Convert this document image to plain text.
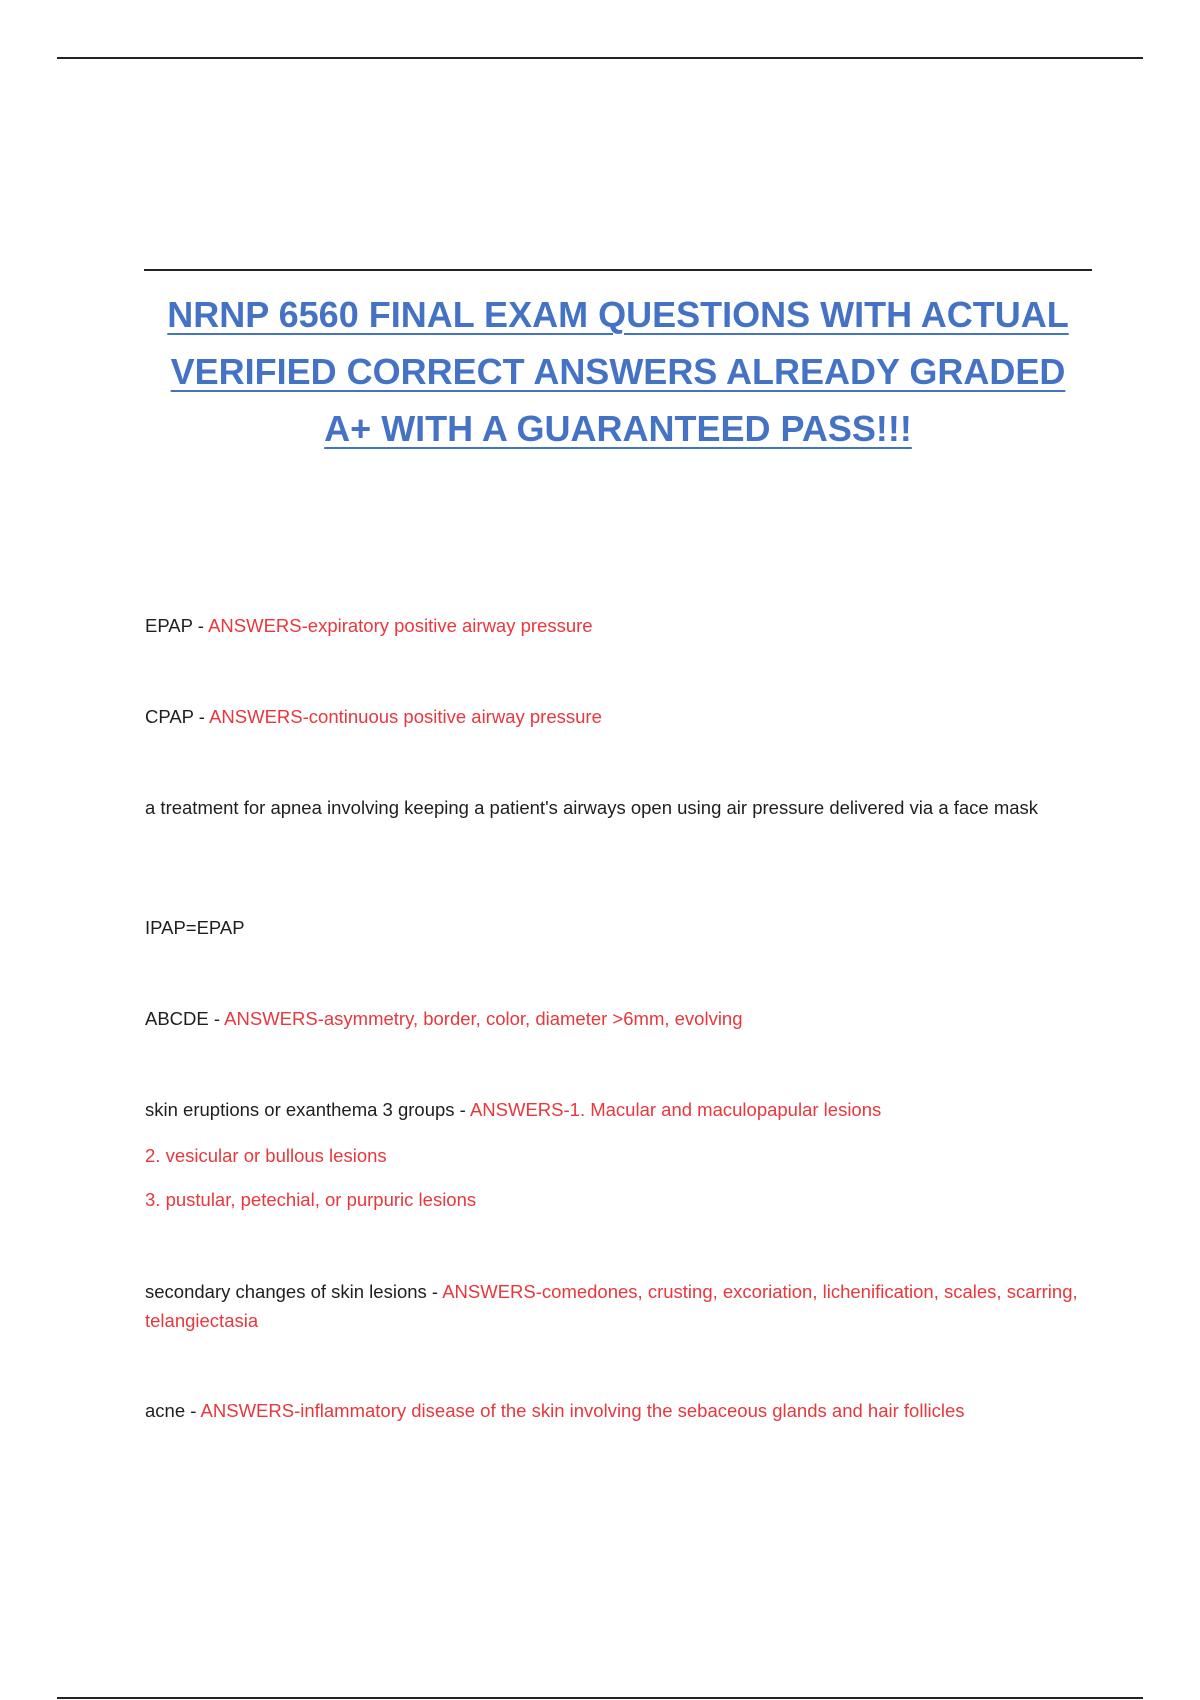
NRNP 6560 FINAL EXAM QUESTIONS WITH ACTUAL
VERIFIED CORRECT ANSWERS ALREADY GRADED
A+ WITH A GUARANTEED PASS!!!
EPAP - ANSWERS-expiratory positive airway pressure
CPAP - ANSWERS-continuous positive airway pressure
a treatment for apnea involving keeping a patient's airways open using air pressure delivered via a face mask
IPAP=EPAP
ABCDE - ANSWERS-asymmetry, border, color, diameter >6mm, evolving
skin eruptions or exanthema 3 groups - ANSWERS-1. Macular and maculopapular lesions
2. vesicular or bullous lesions
3. pustular, petechial, or purpuric lesions
secondary changes of skin lesions - ANSWERS-comedones, crusting, excoriation, lichenification, scales, scarring, telangiectasia
acne - ANSWERS-inflammatory disease of the skin involving the sebaceous glands and hair follicles
